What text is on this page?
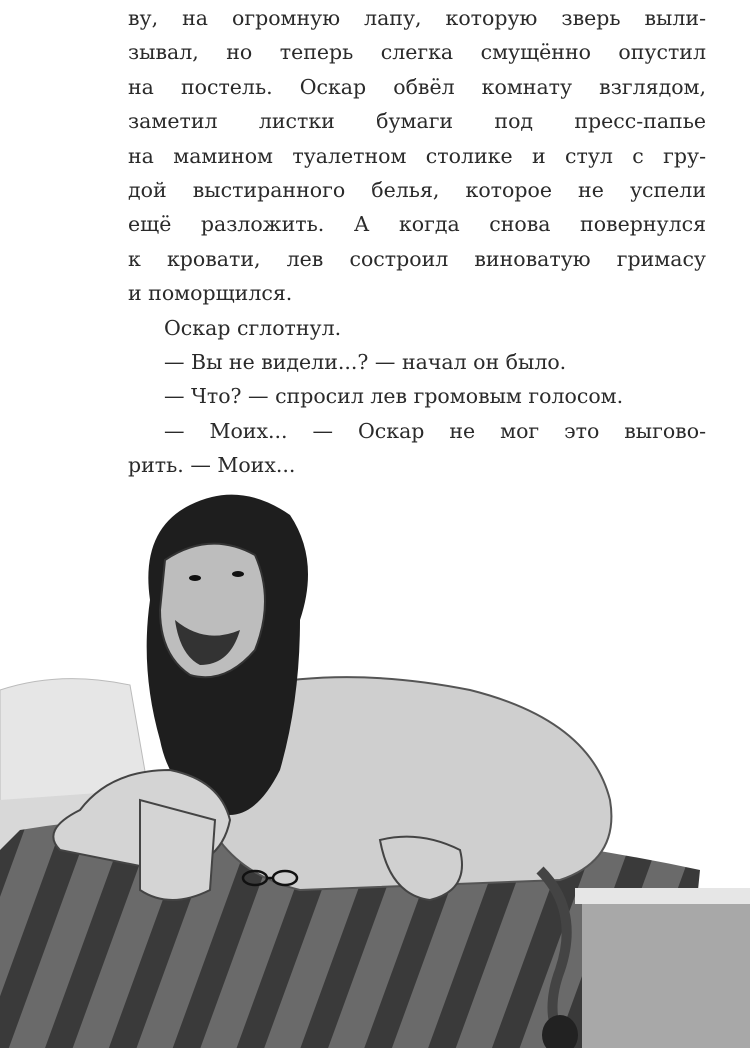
ву, на огромную лапу, которую зверь выли-
зывал, но теперь слегка смущённо опустил
на постель. Оскар обвёл комнату взглядом,
заметил листки бумаги под пресс-папье
на мамином туалетном столике и стул с гру-
дой выстиранного белья, которое не успели
ещё разложить. А когда снова повернулся
к кровати, лев состроил виноватую гримасу
и поморщился.
Оскар сглотнул.
— Вы не видели...? — начал он было.
— Что? — спросил лев громовым голосом.
— Моих... — Оскар не мог это выгово-
рить. — Моих...
